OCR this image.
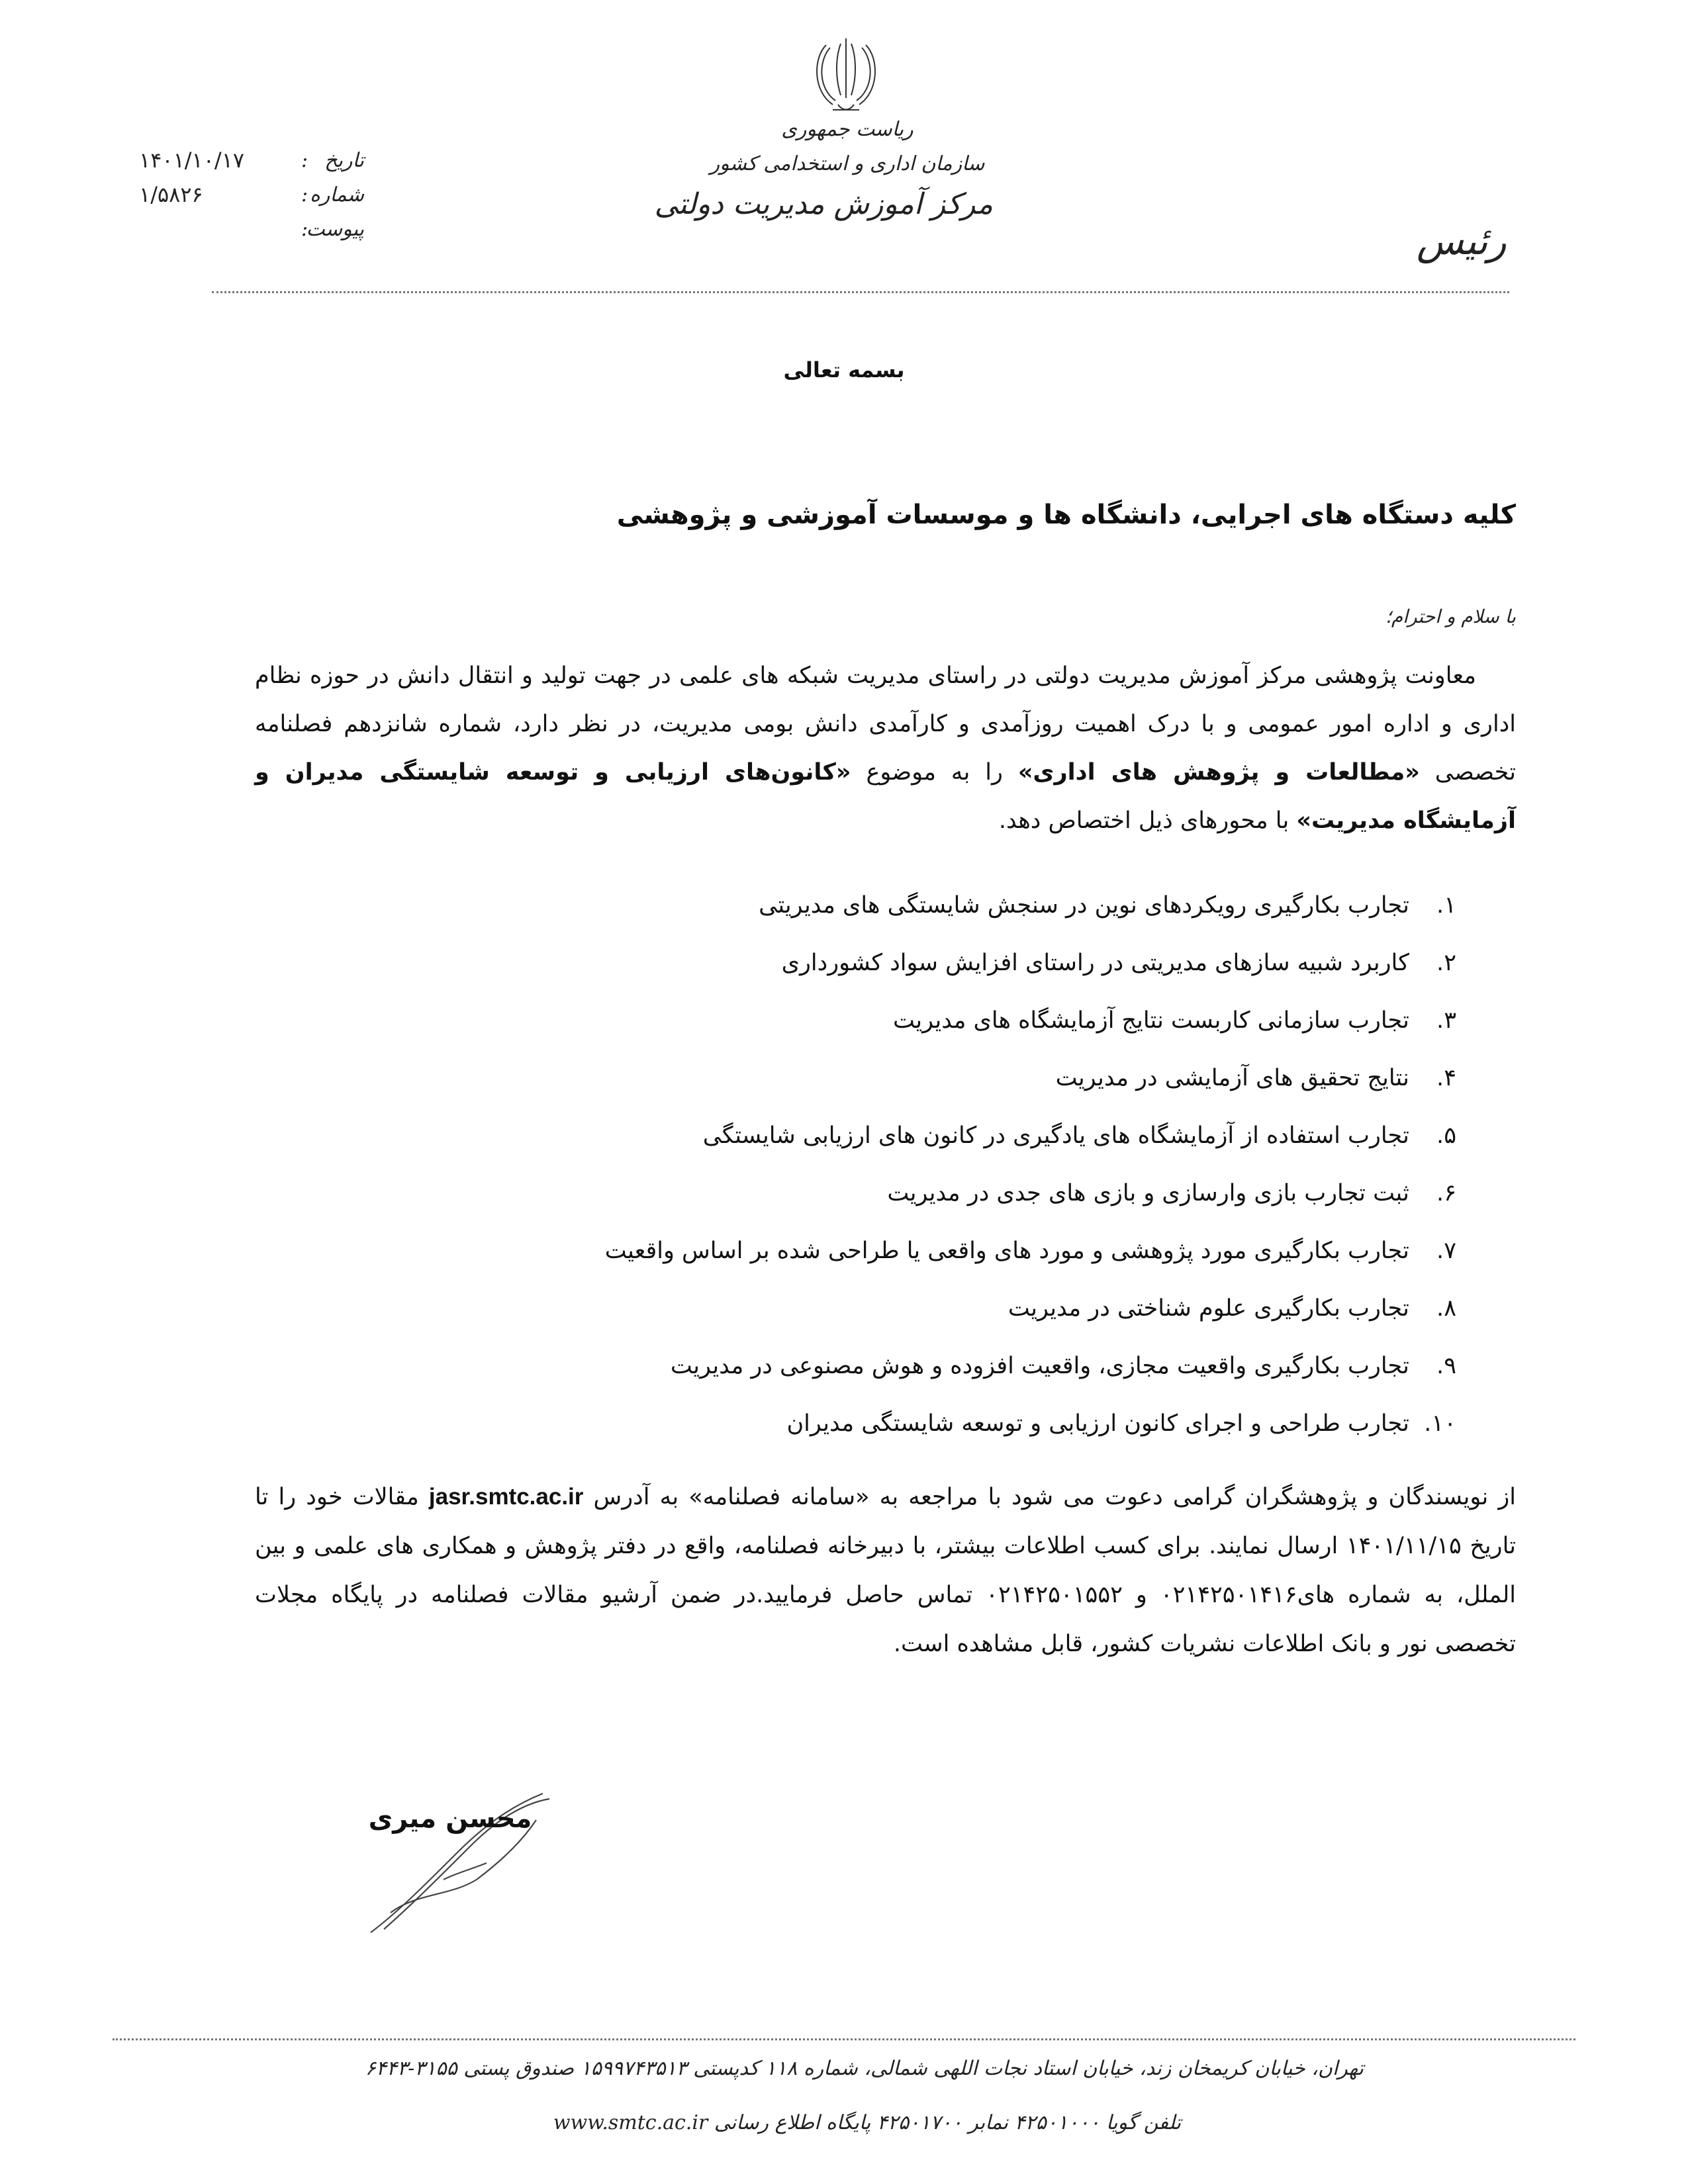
ریاست جمهوری
سازمان اداری و استخدامی کشور
مرکز آموزش مدیریت دولتی
رئیس
تاریخ
:
۱۴۰۱/۱۰/۱۷
شماره
:
۱/۵۸۲۶
پیوست
:
بسمه تعالی
کلیه دستگاه های اجرایی، دانشگاه ها و موسسات آموزشی و پژوهشی
با سلام و احترام؛
معاونت پژوهشی مرکز آموزش مدیریت دولتی در راستای مدیریت شبکه های علمی در جهت تولید و انتقال دانش در حوزه نظام اداری و اداره امور عمومی و با درک اهمیت روزآمدی و کارآمدی دانش بومی مدیریت، در نظر دارد، شماره شانزدهم فصلنامه تخصصی «مطالعات و پژوهش های اداری» را به موضوع «کانون‌های ارزیابی و توسعه شایستگی مدیران و آزمایشگاه مدیریت» با محورهای ذیل اختصاص دهد.
۱. تجارب بکارگیری رویکردهای نوین در سنجش شایستگی های مدیریتی
۲. کاربرد شبیه سازهای مدیریتی در راستای افزایش سواد کشورداری
۳. تجارب سازمانی کاربست نتایج آزمایشگاه های مدیریت
۴. نتایج تحقیق های آزمایشی در مدیریت
۵. تجارب استفاده از آزمایشگاه های یادگیری در کانون های ارزیابی شایستگی
۶. ثبت تجارب بازی وارسازی و بازی های جدی در مدیریت
۷. تجارب بکارگیری مورد پژوهشی و مورد های واقعی یا طراحی شده بر اساس واقعیت
۸. تجارب بکارگیری علوم شناختی در مدیریت
۹. تجارب بکارگیری واقعیت مجازی، واقعیت افزوده و هوش مصنوعی در مدیریت
۱۰. تجارب طراحی و اجرای کانون ارزیابی و توسعه شایستگی مدیران
از نویسندگان و پژوهشگران گرامی دعوت می شود با مراجعه به «سامانه فصلنامه» به آدرس jasr.smtc.ac.ir مقالات خود را تا تاریخ ۱۴۰۱/۱۱/۱۵ ارسال نمایند. برای کسب اطلاعات بیشتر، با دبیرخانه فصلنامه، واقع در دفتر پژوهش و همکاری های علمی و بین الملل، به شماره های۰۲۱۴۲۵۰۱۴۱۶ و ۰۲۱۴۲۵۰۱۵۵۲ تماس حاصل فرمایید.در ضمن آرشیو مقالات فصلنامه در پایگاه مجلات تخصصی نور و بانک اطلاعات نشریات کشور، قابل مشاهده است.
محسن میری
تهران، خیابان کریمخان زند، خیابان استاد نجات اللهی شمالی، شماره ۱۱۸ کدپستی ۱۵۹۹۷۴۳۵۱۳ صندوق پستی ۳۱۵۵-۶۴۴۳
تلفن گویا ۴۲۵۰۱۰۰۰ نمابر ۴۲۵۰۱۷۰۰ پایگاه اطلاع رسانی www.smtc.ac.ir
